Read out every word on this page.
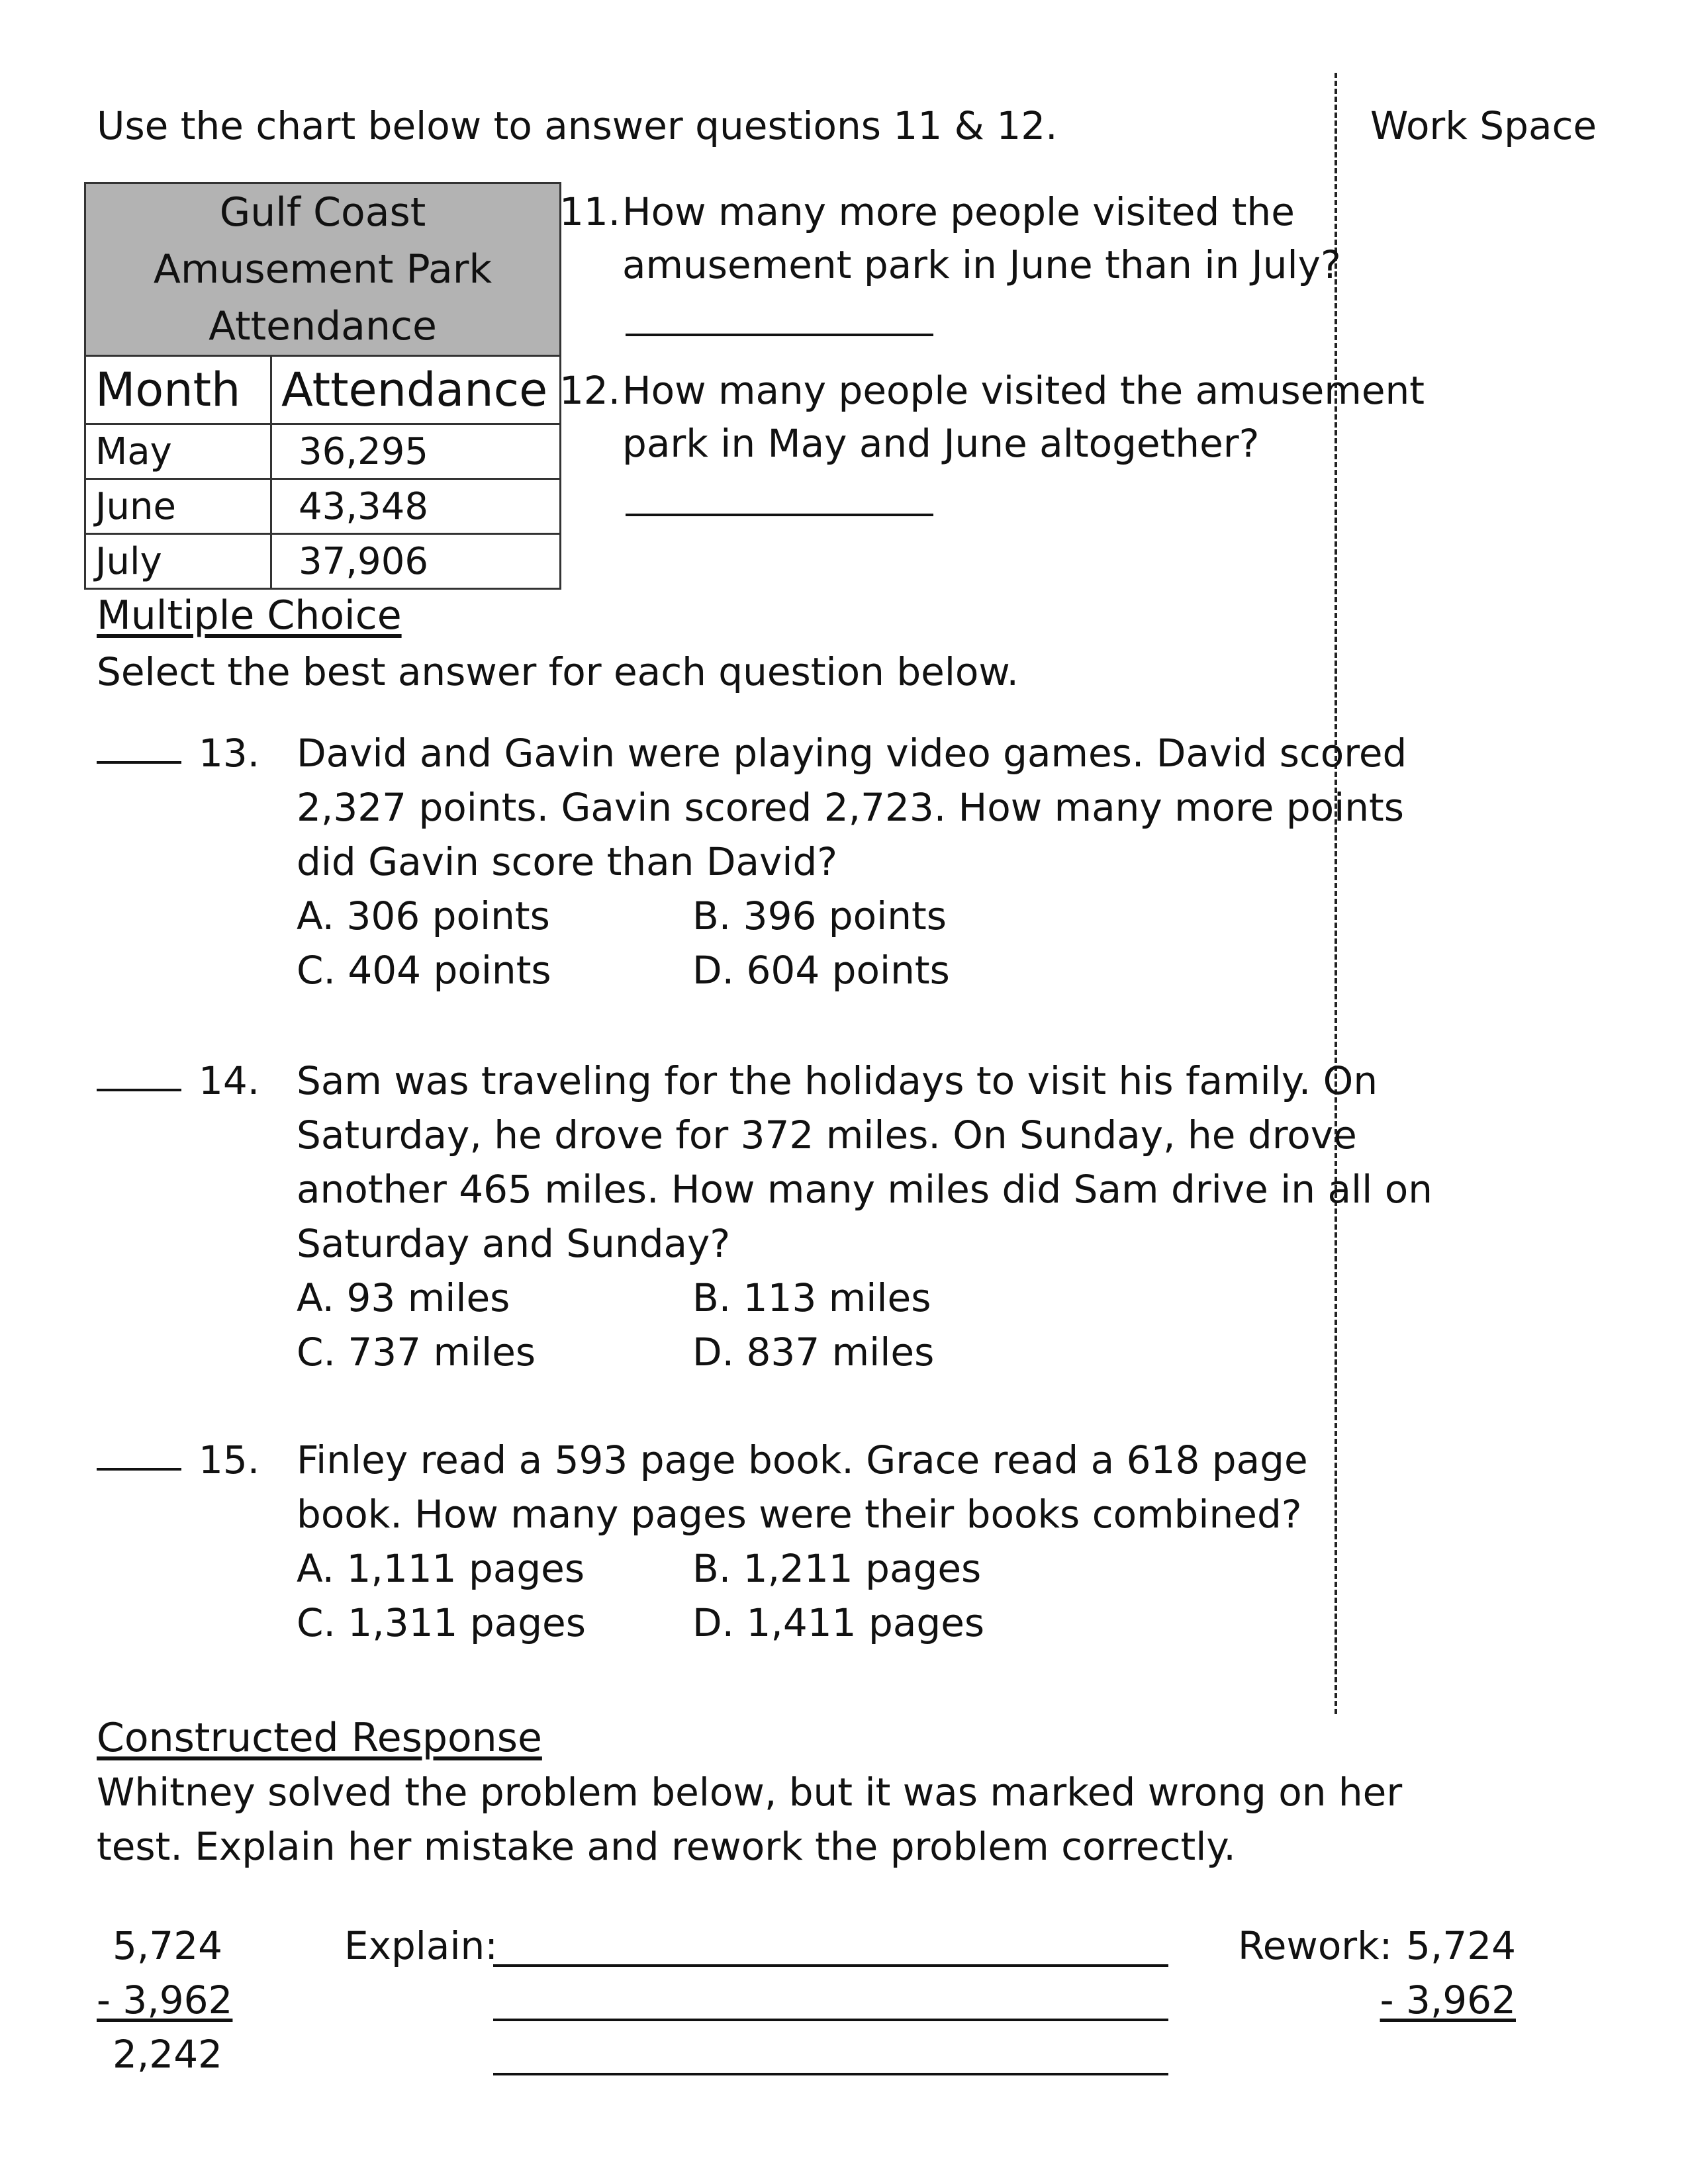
Use the chart below to answer questions 11 & 12.	Work Space
Gulf Coast Amusement Park Attendance	
Month	Attendance
May	36,295
June	43,348
July	37,906
11. How many more people visited the
amusement park in June than in July?
12. How many people visited the amusement
park in May and June altogether?
Multiple Choice
Select the best answer for each question below.
13. David and Gavin were playing video games. David scored
2,327 points. Gavin scored 2,723. How many more points
did Gavin score than David?
A. 306 points	B. 396 points
C. 404 points	D. 604 points
14. Sam was traveling for the holidays to visit his family. On
Saturday, he drove for 372 miles. On Sunday, he drove
another 465 miles. How many miles did Sam drive in all on
Saturday and Sunday?
A. 93 miles	B. 113 miles
C. 737 miles	D. 837 miles
15. Finley read a 593 page book. Grace read a 618 page
book. How many pages were their books combined?
A. 1,111 pages	B. 1,211 pages
C. 1,311 pages	D. 1,411 pages
Constructed Response
Whitney solved the problem below, but it was marked wrong on her
test. Explain her mistake and rework the problem correctly.
5,724
- 3,962
2,242
Explain:	Rework: 5,724
- 3,962
